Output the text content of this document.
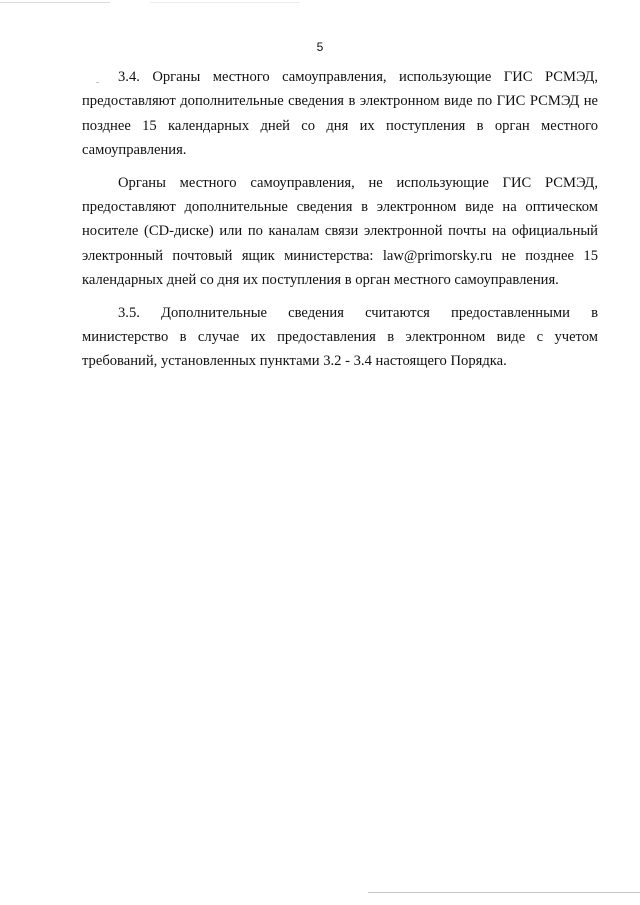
5

3.4. Органы местного самоуправления, использующие ГИС РСМЭД, предоставляют дополнительные сведения в электронном виде по ГИС РСМЭД не позднее 15 календарных дней со дня их поступления в орган местного самоуправления.

Органы местного самоуправления, не использующие ГИС РСМЭД, предоставляют дополнительные сведения в электронном виде на оптическом носителе (CD-диске) или по каналам связи электронной почты на официальный электронный почтовый ящик министерства: law@primorsky.ru не позднее 15 календарных дней со дня их поступления в орган местного самоуправления.

3.5. Дополнительные сведения считаются предоставленными в министерство в случае их предоставления в электронном виде с учетом требований, установленных пунктами 3.2 - 3.4 настоящего Порядка.
